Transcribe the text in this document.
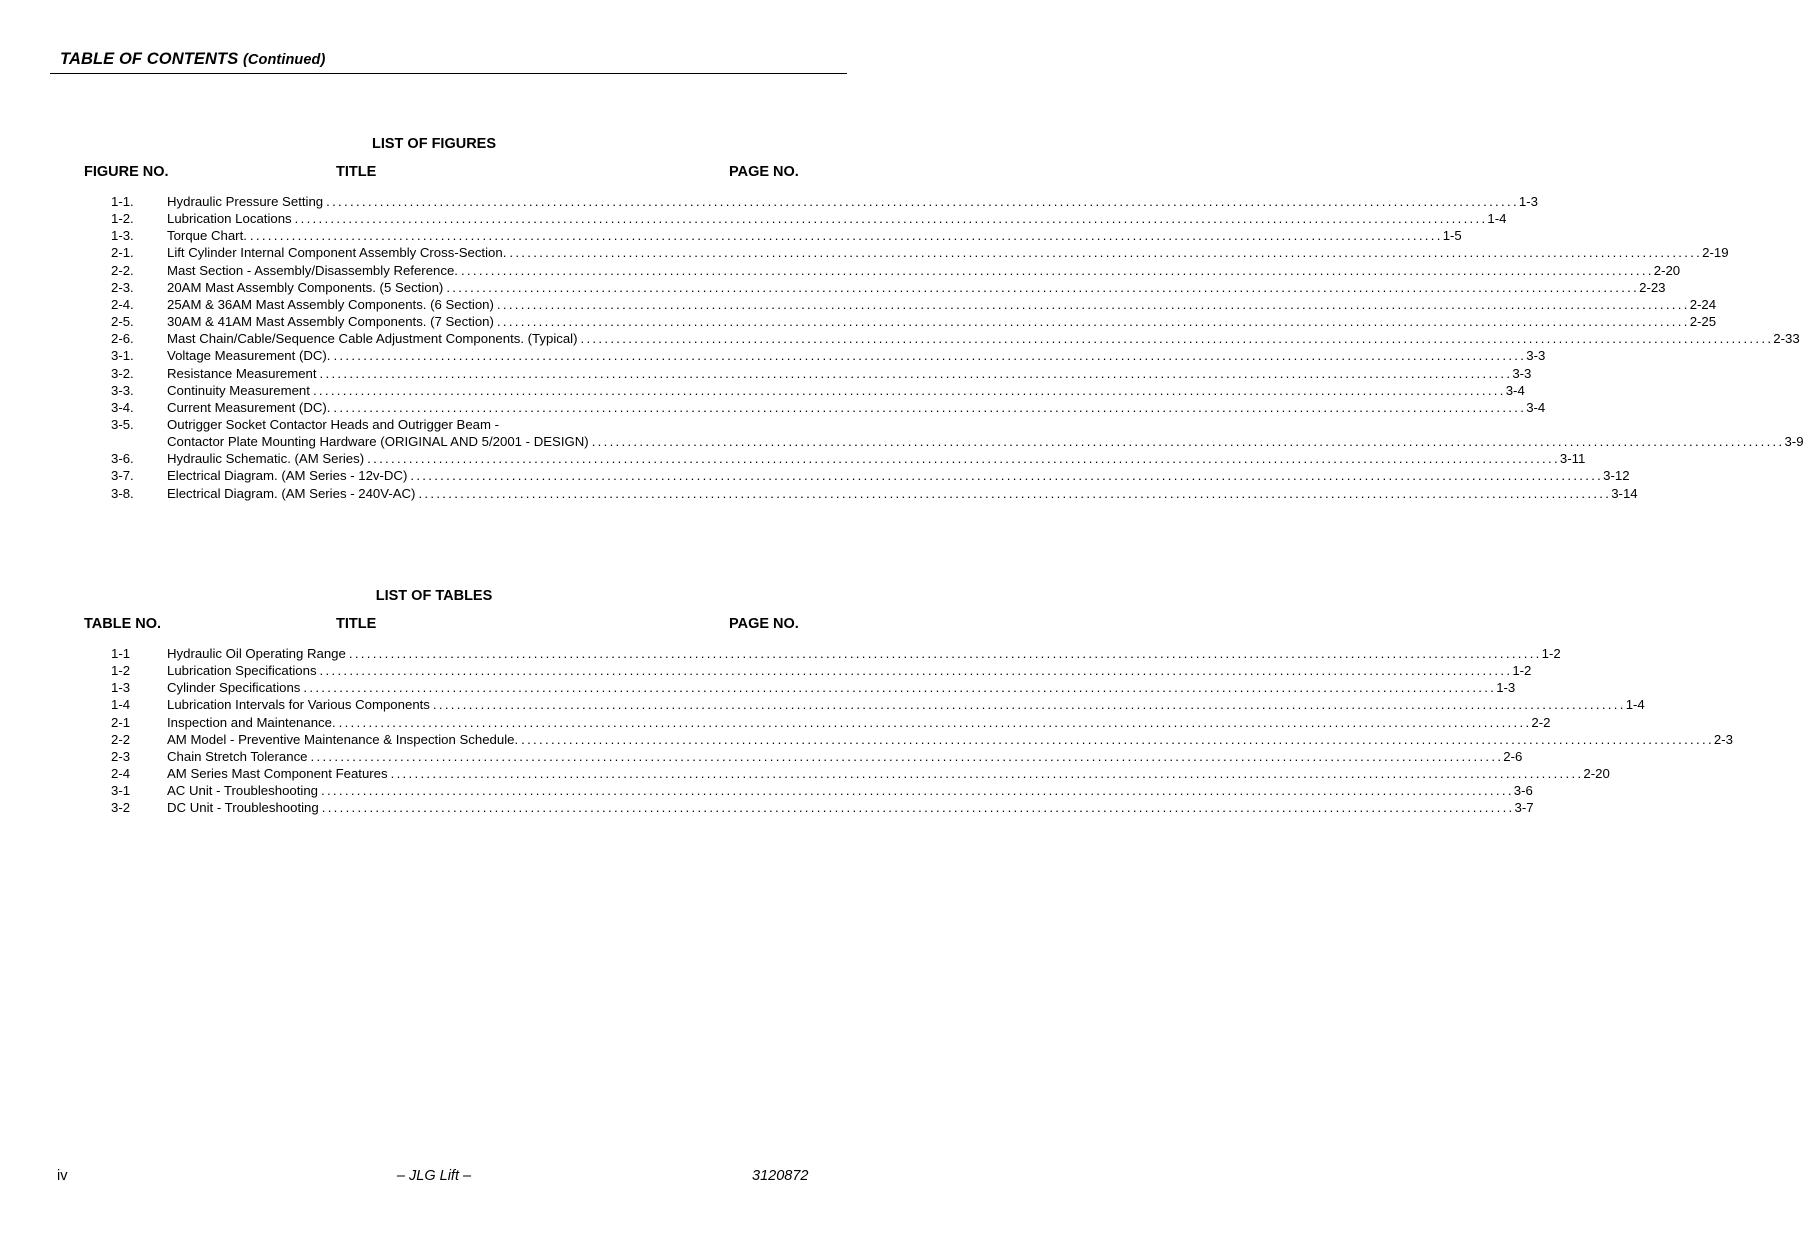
TABLE OF CONTENTS (Continued)
LIST OF FIGURES
FIGURE NO.	TITLE	PAGE NO.
1-1.	Hydraulic Pressure Setting ........................................................................................................................................................................................................ 1-3
1-2.	Lubrication Locations ........................................................................................................................................................................................................ 1-4
1-3.	Torque Chart. ........................................................................................................................................................................................................ 1-5
2-1.	Lift Cylinder Internal Component Assembly Cross-Section. ........................................................................................................................................................................................................ 2-19
2-2.	Mast Section - Assembly/Disassembly Reference. ........................................................................................................................................................................................................ 2-20
2-3.	20AM Mast Assembly Components. (5 Section) ........................................................................................................................................................................................................ 2-23
2-4.	25AM & 36AM Mast Assembly Components. (6 Section) ........................................................................................................................................................................................................ 2-24
2-5.	30AM & 41AM Mast Assembly Components. (7 Section) ........................................................................................................................................................................................................ 2-25
2-6.	Mast Chain/Cable/Sequence Cable Adjustment Components. (Typical) ........................................................................................................................................................................................................ 2-33
3-1.	Voltage Measurement (DC). ........................................................................................................................................................................................................ 3-3
3-2.	Resistance Measurement ........................................................................................................................................................................................................ 3-3
3-3.	Continuity Measurement ........................................................................................................................................................................................................ 3-4
3-4.	Current Measurement (DC). ........................................................................................................................................................................................................ 3-4
3-5.	Outrigger Socket Contactor Heads and Outrigger Beam -
Contactor Plate Mounting Hardware (ORIGINAL AND 5/2001 - DESIGN) ........................................................................................................................................................................................................ 3-9
3-6.	Hydraulic Schematic. (AM Series) ........................................................................................................................................................................................................ 3-11
3-7.	Electrical Diagram. (AM Series - 12v-DC) ........................................................................................................................................................................................................ 3-12
3-8.	Electrical Diagram. (AM Series - 240V-AC) ........................................................................................................................................................................................................ 3-14
LIST OF TABLES
TABLE NO.	TITLE	PAGE NO.
1-1	Hydraulic Oil Operating Range ........................................................................................................................................................................................................ 1-2
1-2	Lubrication Specifications ........................................................................................................................................................................................................ 1-2
1-3	Cylinder Specifications ........................................................................................................................................................................................................ 1-3
1-4	Lubrication Intervals for Various Components ........................................................................................................................................................................................................ 1-4
2-1	Inspection and Maintenance. ........................................................................................................................................................................................................ 2-2
2-2	AM Model - Preventive Maintenance & Inspection Schedule. ........................................................................................................................................................................................................ 2-3
2-3	Chain Stretch Tolerance ........................................................................................................................................................................................................ 2-6
2-4	AM Series Mast Component Features ........................................................................................................................................................................................................ 2-20
3-1	AC Unit - Troubleshooting ........................................................................................................................................................................................................ 3-6
3-2	DC Unit - Troubleshooting ........................................................................................................................................................................................................ 3-7
iv	– JLG Lift –	3120872
